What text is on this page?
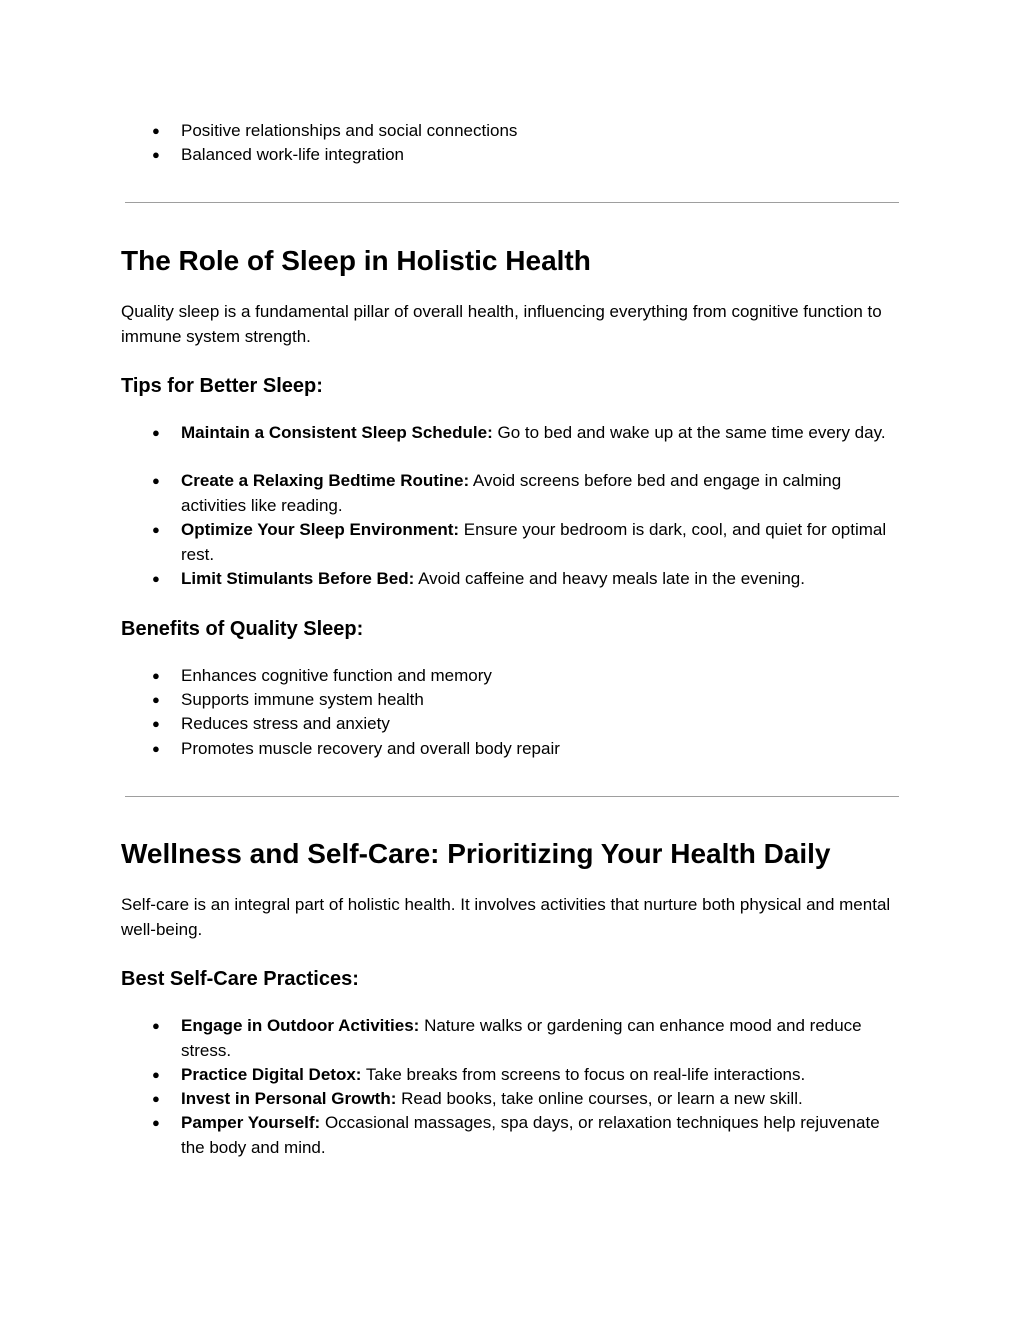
● Positive relationships and social connections
● Balanced work-life integration
The Role of Sleep in Holistic Health

Quality sleep is a fundamental pillar of overall health, influencing everything from cognitive function to immune system strength.

Tips for Better Sleep:
● Maintain a Consistent Sleep Schedule: Go to bed and wake up at the same time every day.
● Create a Relaxing Bedtime Routine: Avoid screens before bed and engage in calming activities like reading.
● Optimize Your Sleep Environment: Ensure your bedroom is dark, cool, and quiet for optimal rest.
● Limit Stimulants Before Bed: Avoid caffeine and heavy meals late in the evening.
Benefits of Quality Sleep:
● Enhances cognitive function and memory
● Supports immune system health
● Reduces stress and anxiety
● Promotes muscle recovery and overall body repair
Wellness and Self-Care: Prioritizing Your Health Daily

Self-care is an integral part of holistic health. It involves activities that nurture both physical and mental well-being.

Best Self-Care Practices:
● Engage in Outdoor Activities: Nature walks or gardening can enhance mood and reduce stress.
● Practice Digital Detox: Take breaks from screens to focus on real-life interactions.
● Invest in Personal Growth: Read books, take online courses, or learn a new skill.
● Pamper Yourself: Occasional massages, spa days, or relaxation techniques help rejuvenate the body and mind.
